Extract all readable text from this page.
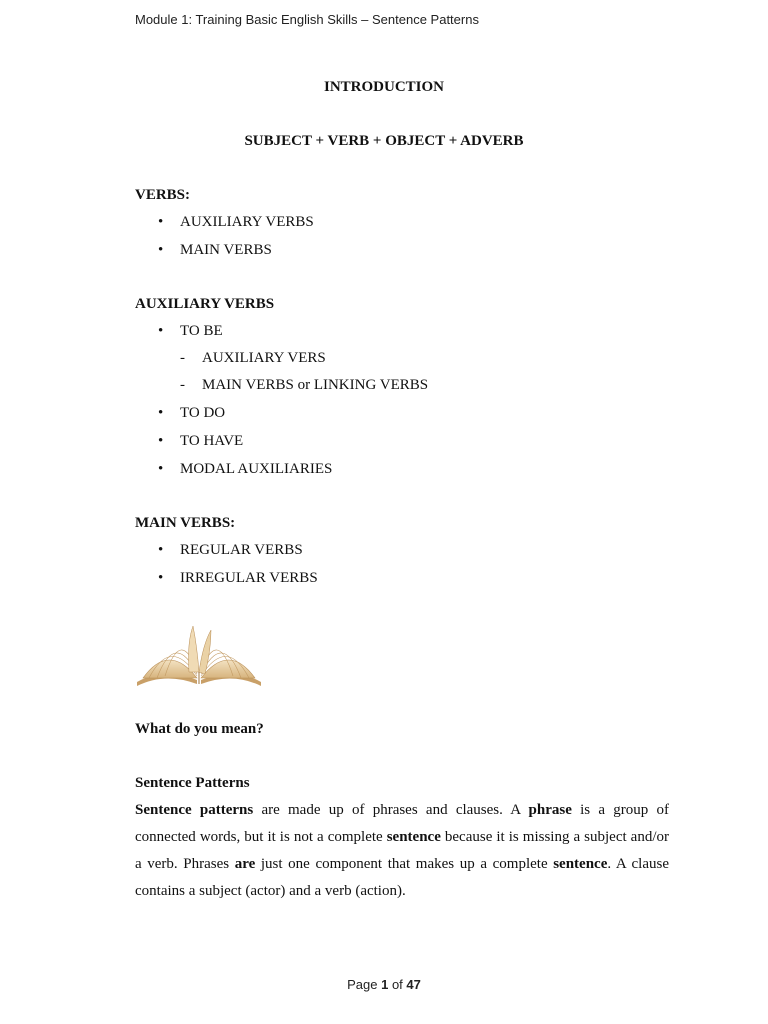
Module 1: Training Basic English Skills – Sentence Patterns
INTRODUCTION
SUBJECT + VERB + OBJECT + ADVERB
VERBS:
• AUXILIARY VERBS
• MAIN VERBS
AUXILIARY VERBS
• TO BE
- AUXILIARY VERS
- MAIN VERBS or LINKING VERBS
• TO DO
• TO HAVE
• MODAL AUXILIARIES
MAIN VERBS:
• REGULAR VERBS
• IRREGULAR VERBS
What do you mean?
Sentence Patterns
Sentence patterns are made up of phrases and clauses. A phrase is a group of connected words, but it is not a complete sentence because it is missing a subject and/or a verb. Phrases are just one component that makes up a complete sentence. A clause contains a subject (actor) and a verb (action).
Page 1 of 47
